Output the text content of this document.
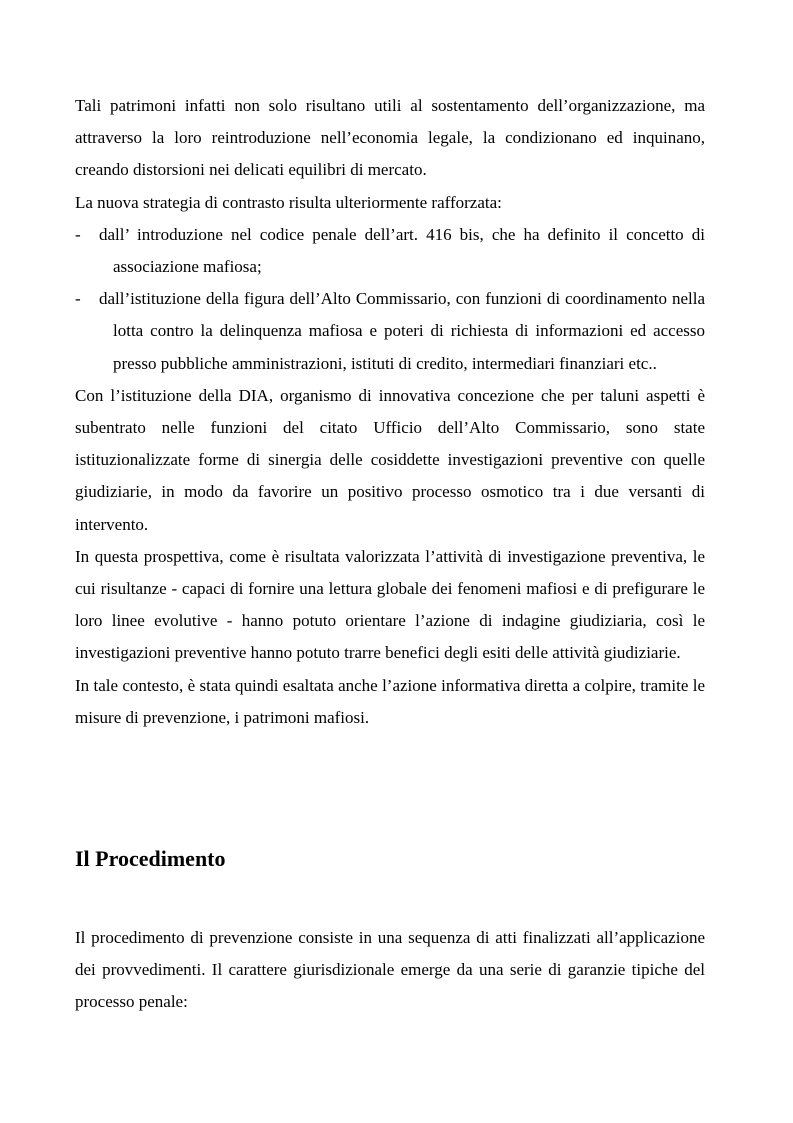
Tali patrimoni infatti non solo risultano utili al sostentamento dell’organizzazione, ma attraverso la loro reintroduzione nell’economia legale, la condizionano ed inquinano, creando distorsioni nei delicati equilibri di mercato.

La nuova strategia di contrasto risulta ulteriormente rafforzata:

-	dall’ introduzione nel codice penale dell’art. 416 bis, che ha definito il concetto di associazione mafiosa;
-	dall’istituzione della figura dell’Alto Commissario, con funzioni di coordinamento nella lotta contro la delinquenza mafiosa e poteri di richiesta di informazioni ed accesso presso pubbliche amministrazioni, istituti di credito, intermediari finanziari etc..

Con l’istituzione della DIA, organismo di innovativa concezione che per taluni aspetti è subentrato nelle funzioni del citato Ufficio dell’Alto Commissario, sono state istituzionalizzate forme di sinergia delle cosiddette investigazioni preventive con quelle giudiziarie, in modo da favorire un positivo processo osmotico tra i due versanti di intervento.

In questa prospettiva, come è risultata valorizzata l’attività di investigazione preventiva, le cui risultanze - capaci di fornire una lettura globale dei fenomeni mafiosi e di prefigurare le loro linee evolutive - hanno potuto orientare l’azione di indagine giudiziaria, così le investigazioni preventive hanno potuto trarre benefici degli esiti delle attività giudiziarie.

In tale contesto, è stata quindi esaltata anche l’azione informativa diretta a colpire, tramite le misure di prevenzione, i patrimoni mafiosi.

Il Procedimento

Il procedimento di prevenzione consiste in una sequenza di atti finalizzati all’applicazione dei provvedimenti. Il carattere giurisdizionale emerge da una serie di garanzie tipiche del processo penale:
